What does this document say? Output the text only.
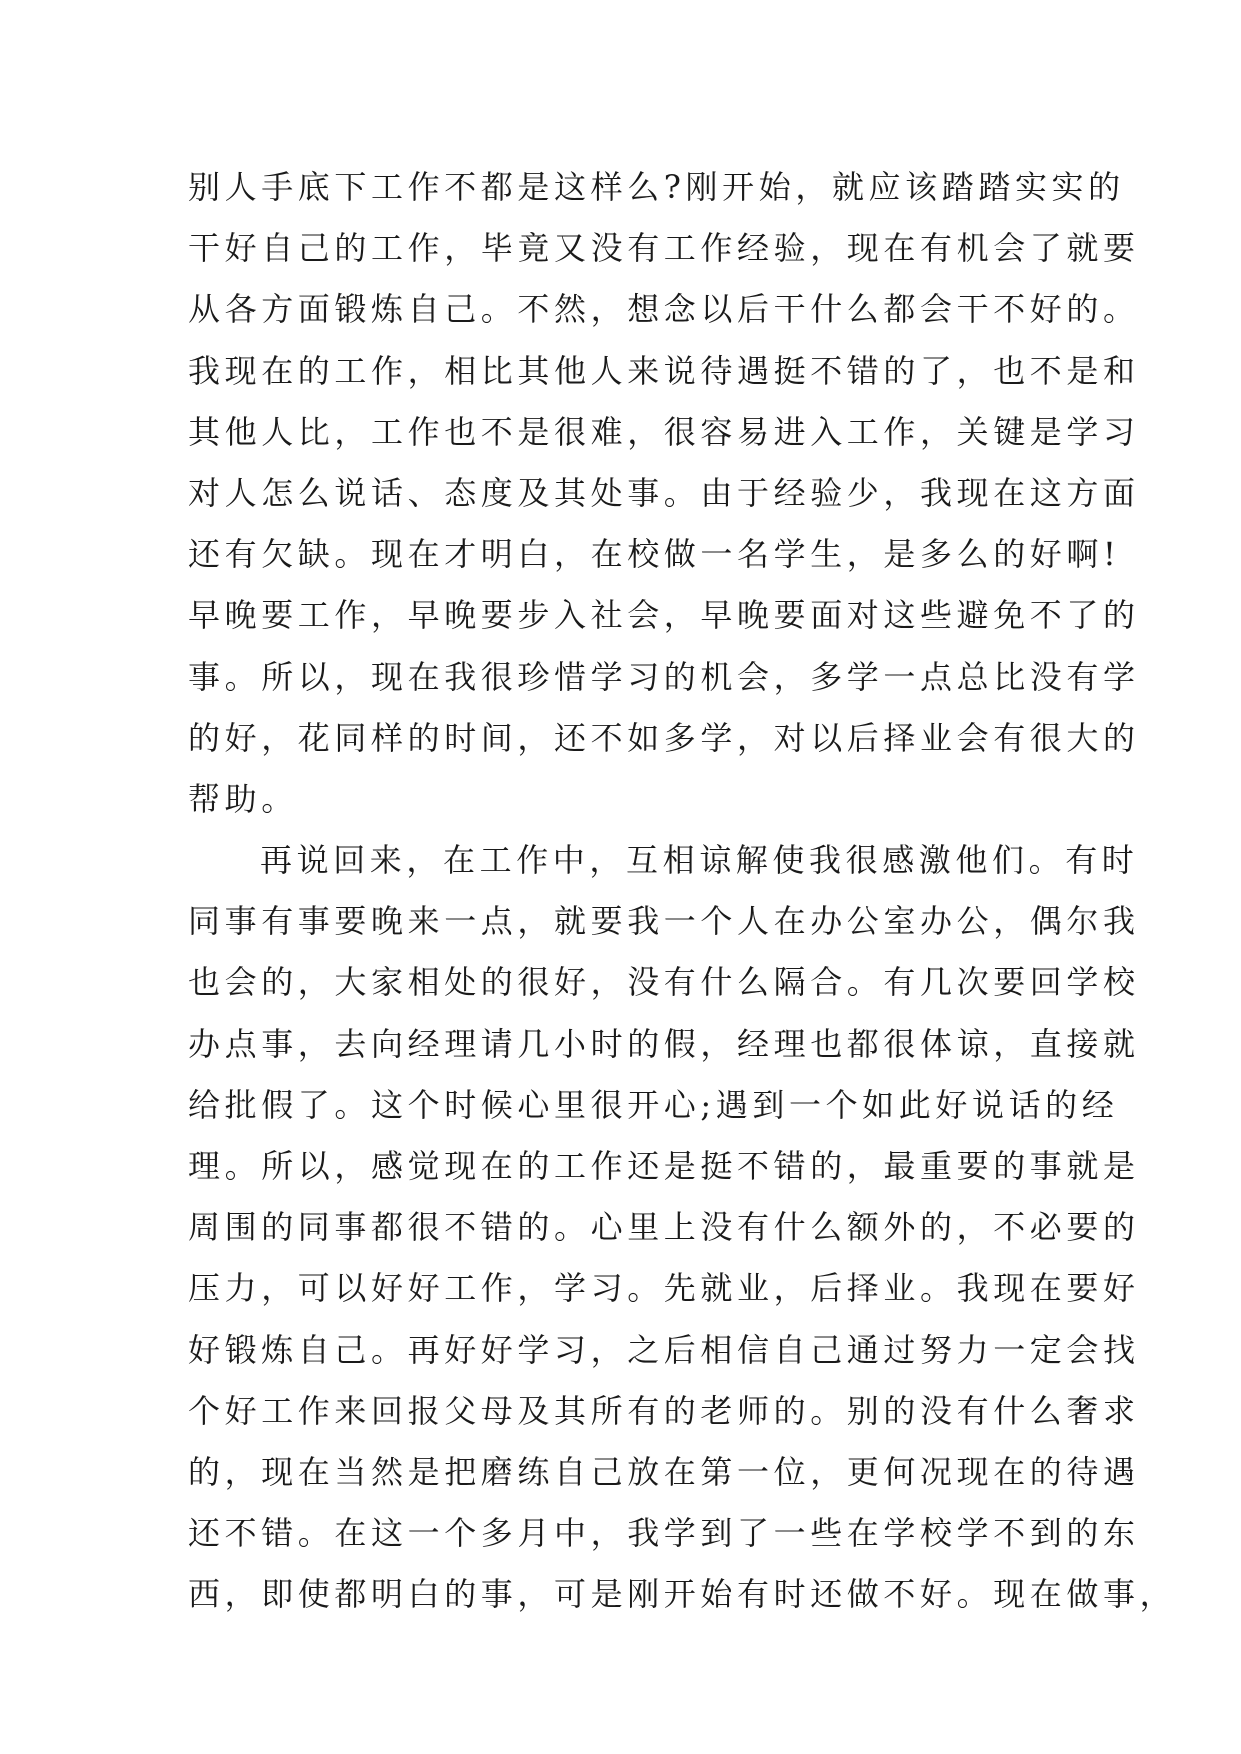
别人手底下工作不都是这样么?刚开始，就应该踏踏实实的
干好自己的工作，毕竟又没有工作经验，现在有机会了就要
从各方面锻炼自己。不然，想念以后干什么都会干不好的。
我现在的工作，相比其他人来说待遇挺不错的了，也不是和
其他人比，工作也不是很难，很容易进入工作，关键是学习
对人怎么说话、态度及其处事。由于经验少，我现在这方面
还有欠缺。现在才明白，在校做一名学生，是多么的好啊!
早晚要工作，早晚要步入社会，早晚要面对这些避免不了的
事。所以，现在我很珍惜学习的机会，多学一点总比没有学
的好，花同样的时间，还不如多学，对以后择业会有很大的
帮助。
再说回来，在工作中，互相谅解使我很感激他们。有时
同事有事要晚来一点，就要我一个人在办公室办公，偶尔我
也会的，大家相处的很好，没有什么隔合。有几次要回学校
办点事，去向经理请几小时的假，经理也都很体谅，直接就
给批假了。这个时候心里很开心;遇到一个如此好说话的经
理。所以，感觉现在的工作还是挺不错的，最重要的事就是
周围的同事都很不错的。心里上没有什么额外的，不必要的
压力，可以好好工作，学习。先就业，后择业。我现在要好
好锻炼自己。再好好学习，之后相信自己通过努力一定会找
个好工作来回报父母及其所有的老师的。别的没有什么奢求
的，现在当然是把磨练自己放在第一位，更何况现在的待遇
还不错。在这一个多月中，我学到了一些在学校学不到的东
西，即使都明白的事，可是刚开始有时还做不好。现在做事，
